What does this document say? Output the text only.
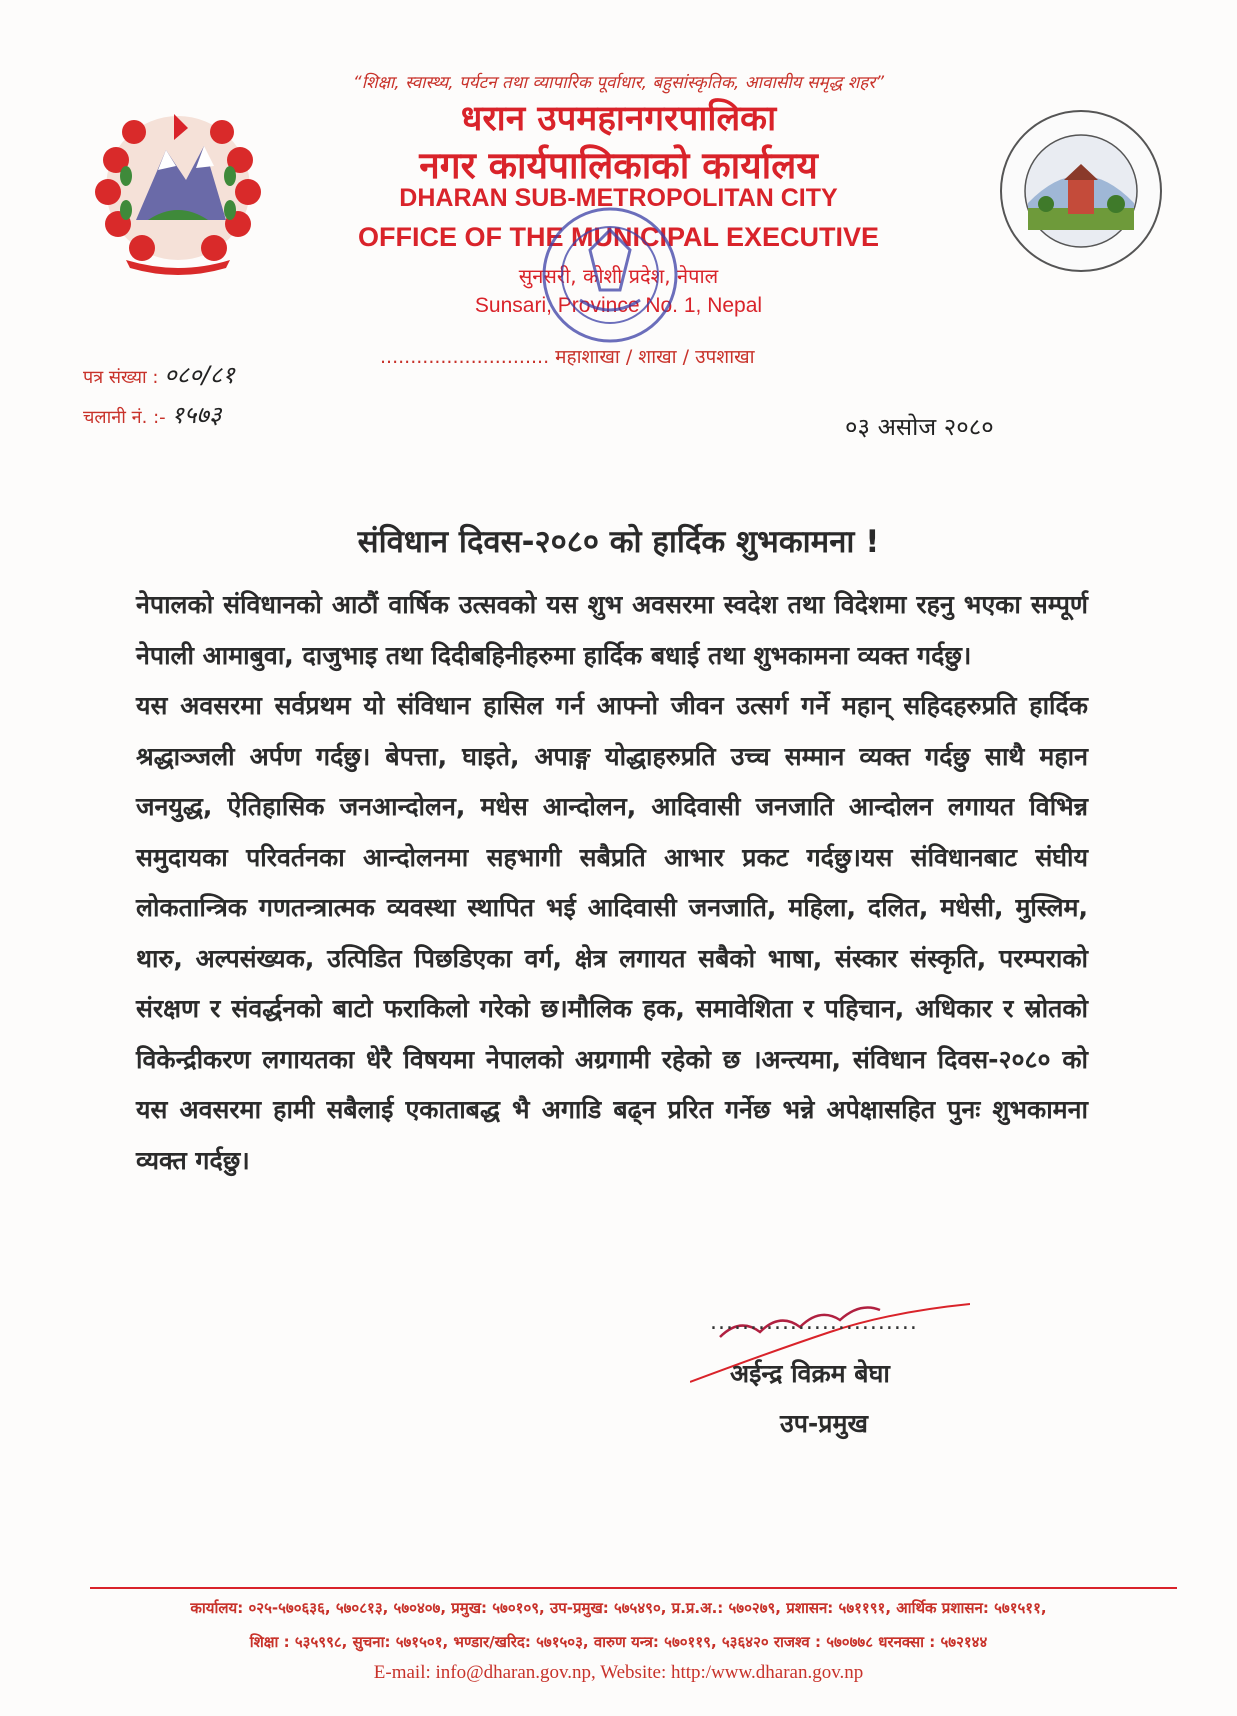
“शिक्षा, स्वास्थ्य, पर्यटन तथा व्यापारिक पूर्वाधार, बहुसांस्कृतिक, आवासीय समृद्ध शहर”
धरान उपमहानगरपालिका
नगर कार्यपालिकाको कार्यालय
DHARAN SUB-METROPOLITAN CITY
OFFICE OF THE MUNICIPAL EXECUTIVE
सुनसरी, कोशी प्रदेश, नेपाल
Sunsari, Province No. 1, Nepal
पत्र संख्या : ०८०/८१
चलानी नं. :- १५७३
............................ महाशाखा / शाखा / उपशाखा
०३ असोज २०८०
संविधान दिवस-२०८० को हार्दिक शुभकामना !

नेपालको संविधानको आठौं वार्षिक उत्सवको यस शुभ अवसरमा स्वदेश तथा विदेशमा रहनु भएका सम्पूर्ण नेपाली आमाबुवा, दाजुभाइ तथा दिदीबहिनीहरुमा हार्दिक बधाई तथा शुभकामना व्यक्त गर्दछु।

यस अवसरमा सर्वप्रथम यो संविधान हासिल गर्न आफ्नो जीवन उत्सर्ग गर्ने महान् सहिदहरुप्रति हार्दिक श्रद्धाञ्जली अर्पण गर्दछु। बेपत्ता, घाइते, अपाङ्ग योद्धाहरुप्रति उच्च सम्मान व्यक्त गर्दछु साथै महान जनयुद्ध, ऐतिहासिक जनआन्दोलन, मधेस आन्दोलन, आदिवासी जनजाति आन्दोलन लगायत विभिन्न समुदायका परिवर्तनका आन्दोलनमा सहभागी सबैप्रति आभार प्रकट गर्दछु।यस संविधानबाट संघीय लोकतान्त्रिक गणतन्त्रात्मक व्यवस्था स्थापित भई आदिवासी जनजाति, महिला, दलित, मधेसी, मुस्लिम, थारु, अल्पसंख्यक, उत्पिडित पिछडिएका वर्ग, क्षेत्र लगायत सबैको भाषा, संस्कार संस्कृति, परम्पराको संरक्षण र संवर्द्धनको बाटो फराकिलो गरेको छ।मौलिक हक, समावेशिता र पहिचान, अधिकार र स्रोतको विकेन्द्रीकरण लगायतका धेरै विषयमा नेपालको अग्रगामी रहेको छ ।अन्त्यमा, संविधान दिवस-२०८० को यस अवसरमा हामी सबैलाई एकाताबद्ध भै अगाडि बढ्न प्ररित गर्नेछ भन्ने अपेक्षासहित पुनः शुभकामना व्यक्त गर्दछु।

..........................
अईन्द्र विक्रम बेघा
उप-प्रमुख
कार्यालय: ०२५-५७०६३६, ५७०८१३, ५७०४०७, प्रमुख: ५७०१०९, उप-प्रमुख: ५७५४९०, प्र.प्र.अ.: ५७०२७९, प्रशासन: ५७११९१, आर्थिक प्रशासन: ५७१५११,
शिक्षा : ५३५९९८, सुचना: ५७१५०१, भण्डार/खरिद: ५७१५०३, वारुण यन्त्र: ५७०११९, ५३६४२० राजश्व : ५७०७७८ धरनक्सा : ५७२१४४
E-mail: info@dharan.gov.np, Website: http:/www.dharan.gov.np
